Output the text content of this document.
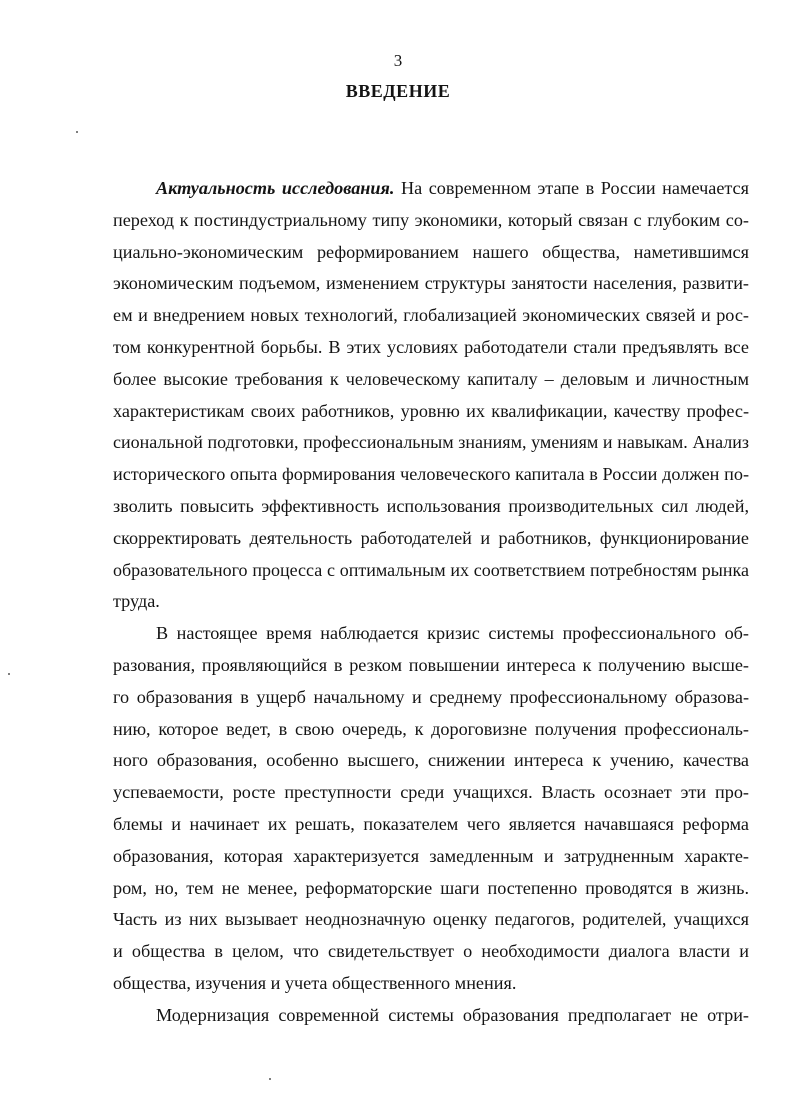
3
ВВЕДЕНИЕ
Актуальность исследования. На современном этапе в России намечается
переход к постиндустриальному типу экономики, который связан с глубоким со-
циально-экономическим реформированием нашего общества, наметившимся
экономическим подъемом, изменением структуры занятости населения, развити-
ем и внедрением новых технологий, глобализацией экономических связей и рос-
том конкурентной борьбы. В этих условиях работодатели стали предъявлять все
более высокие требования к человеческому капиталу – деловым и личностным
характеристикам своих работников, уровню их квалификации, качеству профес-
сиональной подготовки, профессиональным знаниям, умениям и навыкам. Анализ
исторического опыта формирования человеческого капитала в России должен по-
зволить повысить эффективность использования производительных сил людей,
скорректировать деятельность работодателей и работников, функционирование
образовательного процесса с оптимальным их соответствием потребностям рынка
труда.
В настоящее время наблюдается кризис системы профессионального об-
разования, проявляющийся в резком повышении интереса к получению высше-
го образования в ущерб начальному и среднему профессиональному образова-
нию, которое ведет, в свою очередь, к дороговизне получения профессиональ-
ного образования, особенно высшего, снижении интереса к учению, качества
успеваемости, росте преступности среди учащихся. Власть осознает эти про-
блемы и начинает их решать, показателем чего является начавшаяся реформа
образования, которая характеризуется замедленным и затрудненным характе-
ром, но, тем не менее, реформаторские шаги постепенно проводятся в жизнь.
Часть из них вызывает неоднозначную оценку педагогов, родителей, учащихся
и общества в целом, что свидетельствует о необходимости диалога власти и
общества, изучения и учета общественного мнения.
Модернизация современной системы образования предполагает не отри-
